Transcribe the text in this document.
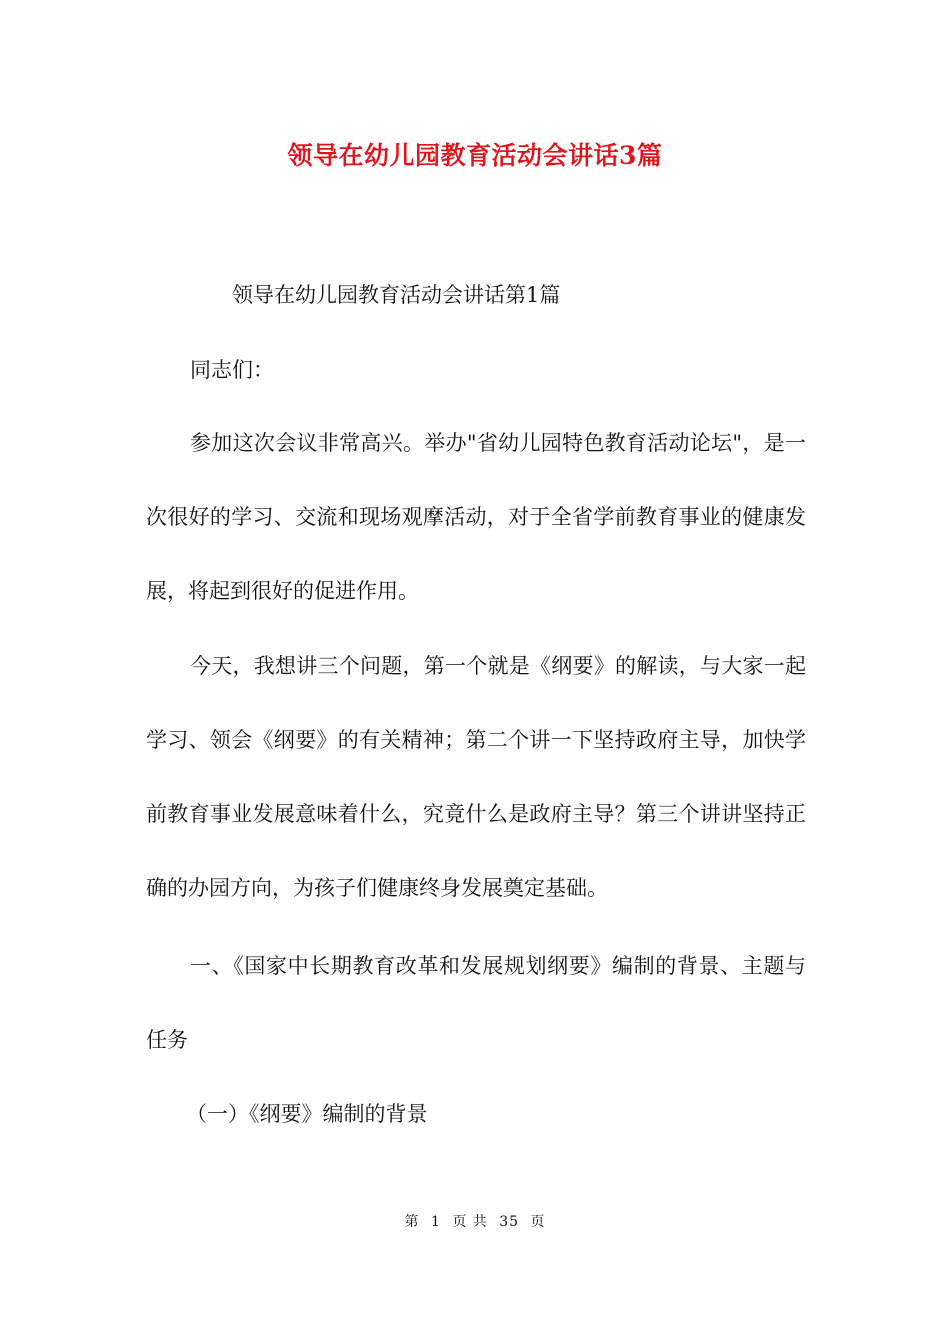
领导在幼儿园教育活动会讲话3篇
领导在幼儿园教育活动会讲话第1篇
同志们：
参加这次会议非常高兴。举办"省幼儿园特色教育活动论坛"，是一次很好的学习、交流和现场观摩活动，对于全省学前教育事业的健康发展，将起到很好的促进作用。
今天，我想讲三个问题，第一个就是《纲要》的解读，与大家一起学习、领会《纲要》的有关精神；第二个讲一下坚持政府主导，加快学前教育事业发展意味着什么，究竟什么是政府主导？第三个讲讲坚持正确的办园方向，为孩子们健康终身发展奠定基础。
一、《国家中长期教育改革和发展规划纲要》编制的背景、主题与任务
（一）《纲要》编制的背景
第 1 页 共 35 页
